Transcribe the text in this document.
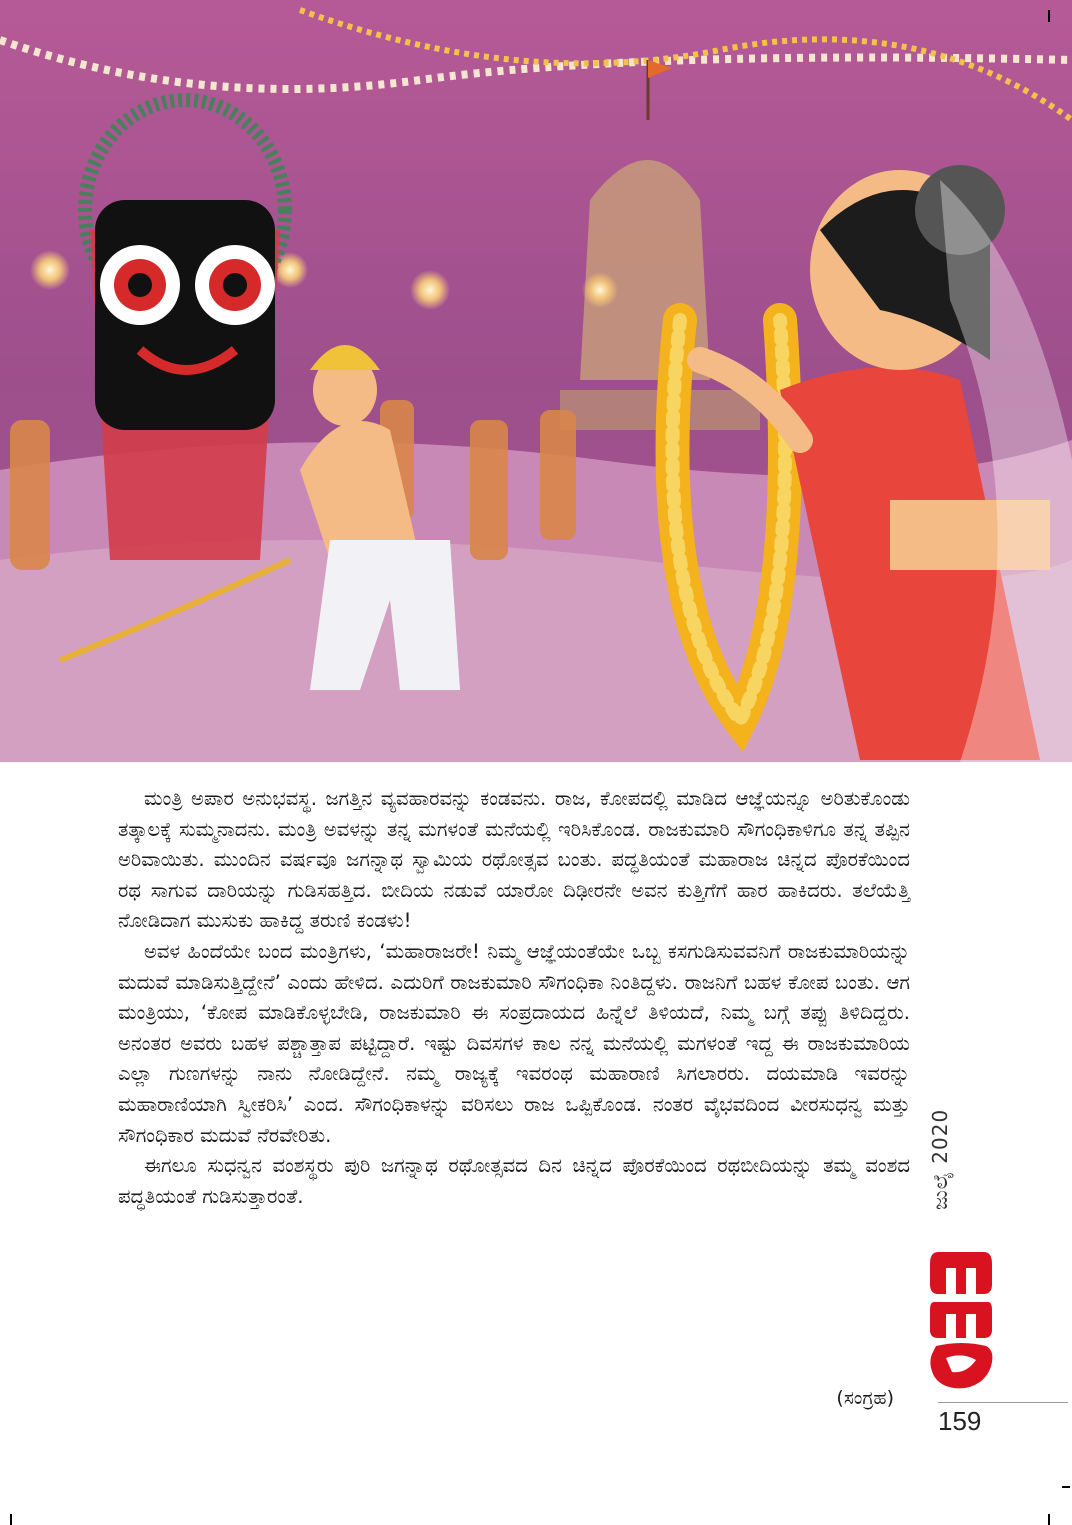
ಮಂತ್ರಿ ಅಪಾರ ಅನುಭವಸ್ಥ. ಜಗತ್ತಿನ ವ್ಯವಹಾರವನ್ನು ಕಂಡವನು. ರಾಜ, ಕೋಪದಲ್ಲಿ ಮಾಡಿದ ಆಜ್ಞೆಯನ್ನೂ ಅರಿತುಕೊಂಡು ತತ್ಕಾಲಕ್ಕೆ ಸುಮ್ಮನಾದನು. ಮಂತ್ರಿ ಅವಳನ್ನು ತನ್ನ ಮಗಳಂತೆ ಮನೆಯಲ್ಲಿ ಇರಿಸಿಕೊಂಡ. ರಾಜಕುಮಾರಿ ಸೌಗಂಧಿಕಾಳಿಗೂ ತನ್ನ ತಪ್ಪಿನ ಅರಿವಾಯಿತು. ಮುಂದಿನ ವರ್ಷವೂ ಜಗನ್ನಾಥ ಸ್ವಾಮಿಯ ರಥೋತ್ಸವ ಬಂತು. ಪದ್ಧತಿಯಂತೆ ಮಹಾರಾಜ ಚಿನ್ನದ ಪೊರಕೆಯಿಂದ ರಥ ಸಾಗುವ ದಾರಿಯನ್ನು ಗುಡಿಸಹತ್ತಿದ. ಬೀದಿಯ ನಡುವೆ ಯಾರೋ ದಿಢೀರನೇ ಅವನ ಕುತ್ತಿಗೆಗೆ ಹಾರ ಹಾಕಿದರು. ತಲೆಯೆತ್ತಿ ನೋಡಿದಾಗ ಮುಸುಕು ಹಾಕಿದ್ದ ತರುಣಿ ಕಂಡಳು!

ಅವಳ ಹಿಂದೆಯೇ ಬಂದ ಮಂತ್ರಿಗಳು, ‘ಮಹಾರಾಜರೇ! ನಿಮ್ಮ ಆಜ್ಞೆಯಂತೆಯೇ ಒಬ್ಬ ಕಸಗುಡಿಸುವವನಿಗೆ ರಾಜಕುಮಾರಿಯನ್ನು ಮದುವೆ ಮಾಡಿಸುತ್ತಿದ್ದೇನೆ’ ಎಂದು ಹೇಳಿದ. ಎದುರಿಗೆ ರಾಜಕುಮಾರಿ ಸೌಗಂಧಿಕಾ ನಿಂತಿದ್ದಳು. ರಾಜನಿಗೆ ಬಹಳ ಕೋಪ ಬಂತು. ಆಗ ಮಂತ್ರಿಯು, ‘ಕೋಪ ಮಾಡಿಕೊಳ್ಳಬೇಡಿ, ರಾಜಕುಮಾರಿ ಈ ಸಂಪ್ರದಾಯದ ಹಿನ್ನೆಲೆ ತಿಳಿಯದೆ, ನಿಮ್ಮ ಬಗ್ಗೆ ತಪ್ಪು ತಿಳಿದಿದ್ದರು. ಅನಂತರ ಅವರು ಬಹಳ ಪಶ್ಚಾತ್ತಾಪ ಪಟ್ಟಿದ್ದಾರೆ. ಇಷ್ಟು ದಿವಸಗಳ ಕಾಲ ನನ್ನ ಮನೆಯಲ್ಲಿ ಮಗಳಂತೆ ಇದ್ದ ಈ ರಾಜಕುಮಾರಿಯ ಎಲ್ಲಾ ಗುಣಗಳನ್ನು ನಾನು ನೋಡಿದ್ದೇನೆ. ನಮ್ಮ ರಾಜ್ಯಕ್ಕೆ ಇವರಂಥ ಮಹಾರಾಣಿ ಸಿಗಲಾರರು. ದಯಮಾಡಿ ಇವರನ್ನು ಮಹಾರಾಣಿಯಾಗಿ ಸ್ವೀಕರಿಸಿ’ ಎಂದ. ಸೌಗಂಧಿಕಾಳನ್ನು ವರಿಸಲು ರಾಜ ಒಪ್ಪಿಕೊಂಡ. ನಂತರ ವೈಭವದಿಂದ ವೀರಸುಧನ್ವ ಮತ್ತು ಸೌಗಂಧಿಕಾರ ಮದುವೆ ನೆರವೇರಿತು.

ಈಗಲೂ ಸುಧನ್ವನ ವಂಶಸ್ಥರು ಪುರಿ ಜಗನ್ನಾಥ ರಥೋತ್ಸವದ ದಿನ ಚಿನ್ನದ ಪೊರಕೆಯಿಂದ ರಥಬೀದಿಯನ್ನು ತಮ್ಮ ವಂಶದ ಪದ್ಧತಿಯಂತೆ ಗುಡಿಸುತ್ತಾರಂತೆ.

(ಸಂಗ್ರಹ)
ಜುಲೈ 2020
159
